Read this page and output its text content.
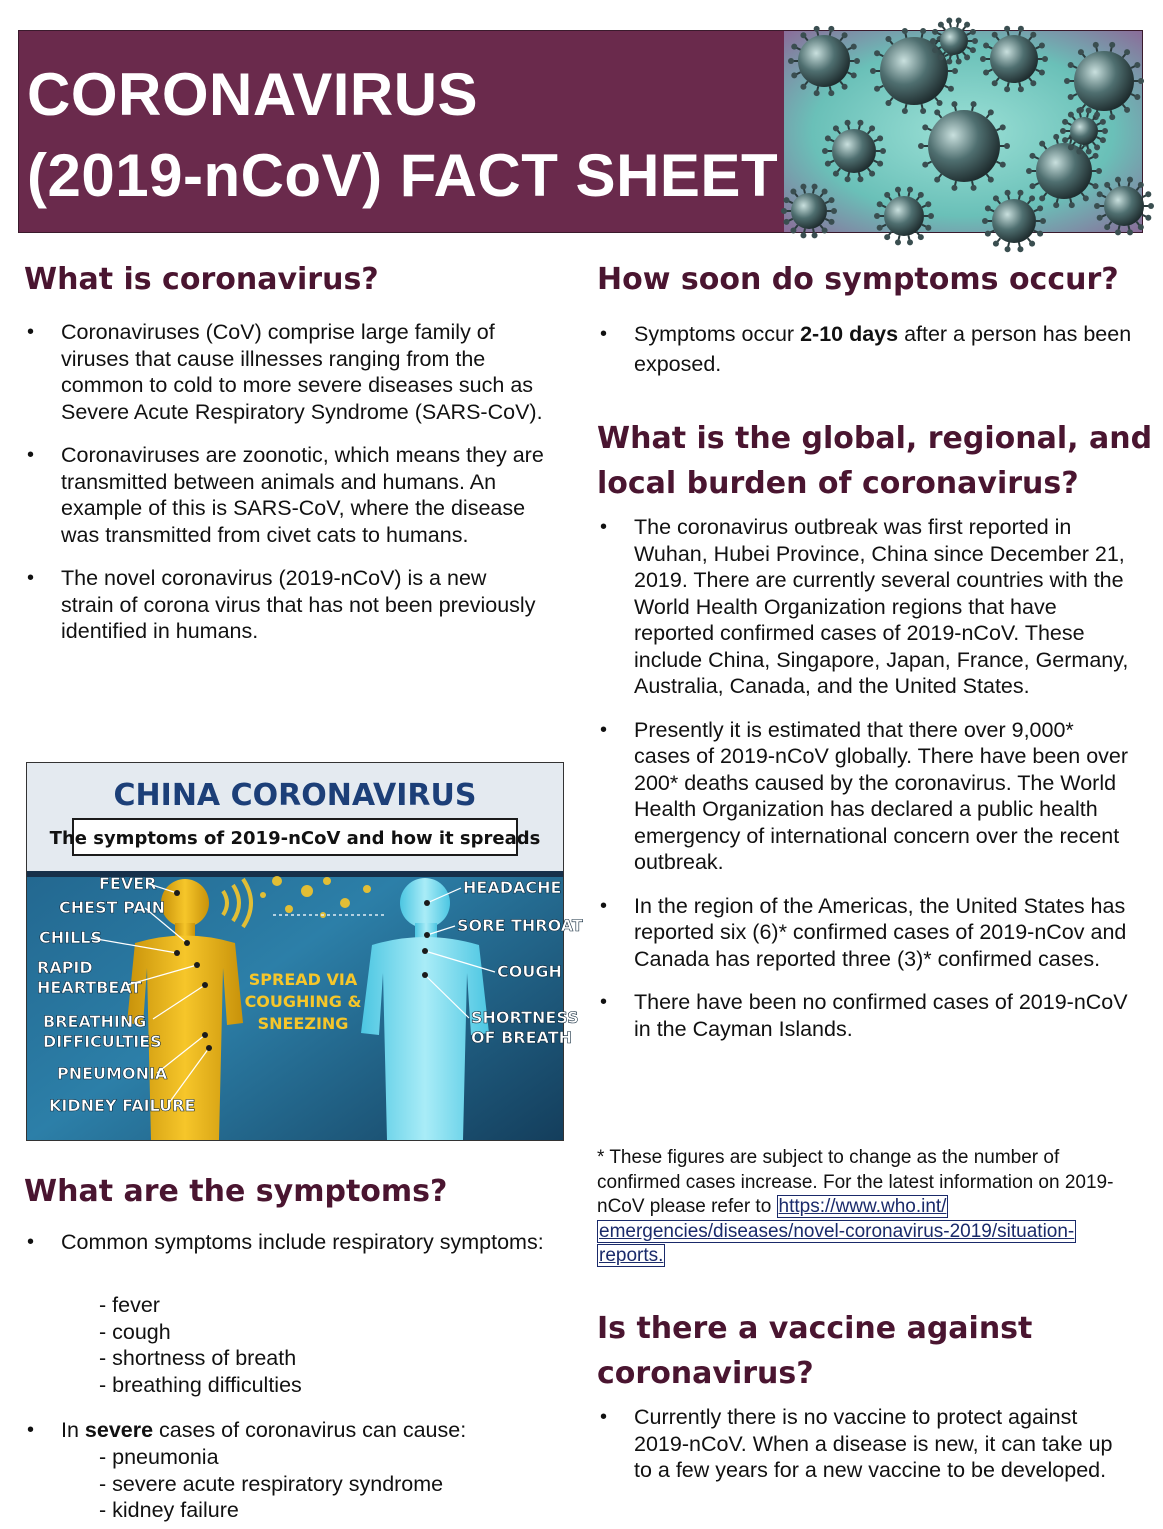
CORONAVIRUS
(2019-nCoV) FACT SHEET
What is coronavirus?
• Coronaviruses (CoV) comprise large family of viruses that cause illnesses ranging from the common to cold to more severe diseases such as Severe Acute Respiratory Syndrome (SARS-CoV).
• Coronaviruses are zoonotic, which means they are transmitted between animals and humans. An example of this is SARS-CoV, where the disease was transmitted from civet cats to humans.
• The novel coronavirus (2019-nCoV) is a new strain of corona virus that has not been previously identified in humans.
CHINA CORONAVIRUS
The symptoms of 2019-nCoV and how it spreads
FEVER
CHEST PAIN
CHILLS
RAPID
HEARTBEAT
BREATHING
DIFFICULTIES
PNEUMONIA
KIDNEY FAILURE
SPREAD VIA
COUGHING &
SNEEZING
HEADACHE
SORE THROAT
COUGH
SHORTNESS
OF BREATH
What are the symptoms?
• Common symptoms include respiratory symptoms:
- fever
- cough
- shortness of breath
- breathing difficulties
• In severe cases of coronavirus can cause:
- pneumonia
- severe acute respiratory syndrome
- kidney failure
How soon do symptoms occur?
• Symptoms occur 2-10 days after a person has been exposed.
What is the global, regional, and
local burden of coronavirus?
• The coronavirus outbreak was first reported in Wuhan, Hubei Province, China since December 21, 2019. There are currently several countries with the World Health Organization regions that have reported confirmed cases of 2019-nCoV. These include China, Singapore, Japan, France, Germany, Australia, Canada, and the United States.
• Presently it is estimated that there over 9,000* cases of 2019-nCoV globally. There have been over 200* deaths caused by the coronavirus. The World Health Organization has declared a public health emergency of international concern over the recent outbreak.
• In the region of the Americas, the United States has reported six (6)* confirmed cases of 2019-nCov and Canada has reported three (3)* confirmed cases.
• There have been no confirmed cases of 2019-nCoV in the Cayman Islands.
* These figures are subject to change as the number of confirmed cases increase. For the latest information on 2019-nCoV please refer to https://www.who.int/
emergencies/diseases/novel-coronavirus-2019/situation-
reports.
Is there a vaccine against
coronavirus?
• Currently there is no vaccine to protect against 2019-nCoV. When a disease is new, it can take up to a few years for a new vaccine to be developed.
